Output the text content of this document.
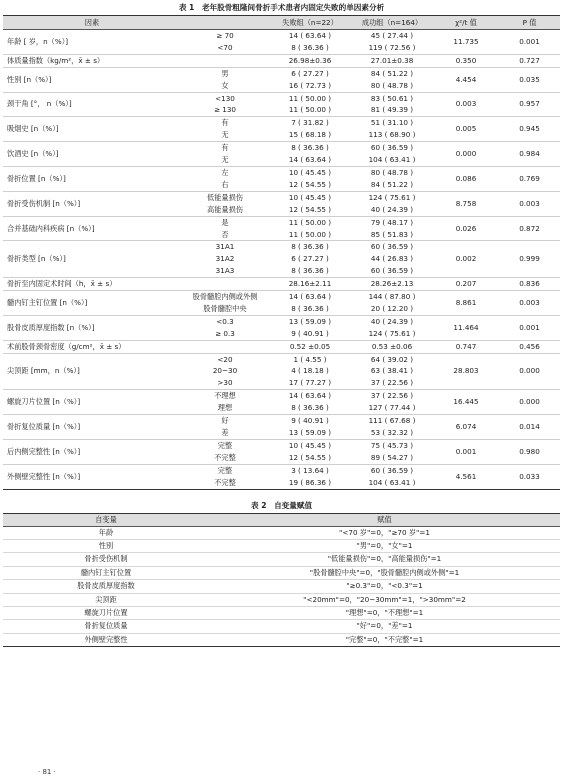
表 1　老年股骨粗隆间骨折手术患者内固定失败的单因素分析
因素		失败组（n=22）	成功组（n=164）	χ²/t 值	P 值
年龄 [ 岁，n（%）]	≥ 70	14 ( 63.64 )	45 ( 27.44 )	11.735	0.001
	<70	8 ( 36.36 )	119 ( 72.56 )		
体质量指数（kg/m²，x̄ ± s）		26.98±0.36	27.01±0.38	0.350	0.727
性别 [n（%）]	男	6 ( 27.27 )	84 ( 51.22 )	4.454	0.035
	女	16 ( 72.73 )	80 ( 48.78 )		
颈干角 [°， n（%）]	<130	11 ( 50.00 )	83 ( 50.61 )	0.003	0.957
	≥ 130	11 ( 50.00 )	81 ( 49.39 )		
吸烟史 [n（%）]	有	7 ( 31.82 )	51 ( 31.10 )	0.005	0.945
	无	15 ( 68.18 )	113 ( 68.90 )		
饮酒史 [n（%）]	有	8 ( 36.36 )	60 ( 36.59 )	0.000	0.984
	无	14 ( 63.64 )	104 ( 63.41 )		
骨折位置 [n（%）]	左	10 ( 45.45 )	80 ( 48.78 )	0.086	0.769
	右	12 ( 54.55 )	84 ( 51.22 )		
骨折受伤机制 [n（%）]	低能量损伤	10 ( 45.45 )	124 ( 75.61 )	8.758	0.003
	高能量损伤	12 ( 54.55 )	40 ( 24.39 )		
合并基础内科疾病 [n（%）]	是	11 ( 50.00 )	79 ( 48.17 )	0.026	0.872
	否	11 ( 50.00 )	85 ( 51.83 )		
骨折类型 [n（%）]	31A1	8 ( 36.36 )	60 ( 36.59 )	0.002	0.999
	31A2	6 ( 27.27 )	44 ( 26.83 )		
	31A3	8 ( 36.36 )	60 ( 36.59 )		
骨折至内固定术时间（h，x̄ ± s）		28.16±2.11	28.26±2.13	0.207	0.836
髓内钉主钉位置 [n（%）]	股骨髓腔内侧或外侧	14 ( 63.64 )	144 ( 87.80 )	8.861	0.003
	股骨髓腔中央	8 ( 36.36 )	20 ( 12.20 )		
股骨皮质厚度指数 [n（%）]	<0.3	13 ( 59.09 )	40 ( 24.39 )	11.464	0.001
	≥ 0.3	9 ( 40.91 )	124 ( 75.61 )		
术前股骨颈骨密度（g/cm²，x̄ ± s）		0.52 ±0.05	0.53 ±0.06	0.747	0.456
尖顶距 [mm，n（%）]	<20	1 ( 4.55 )	64 ( 39.02 )	28.803	0.000
	20~30	4 ( 18.18 )	63 ( 38.41 )		
	>30	17 ( 77.27 )	37 ( 22.56 )		
螺旋刀片位置 [n（%）]	不理想	14 ( 63.64 )	37 ( 22.56 )	16.445	0.000
	理想	8 ( 36.36 )	127 ( 77.44 )		
骨折复位质量 [n（%）]	好	9 ( 40.91 )	111 ( 67.68 )	6.074	0.014
	差	13 ( 59.09 )	53 ( 32.32 )		
后内侧完整性 [n（%）]	完整	10 ( 45.45 )	75 ( 45.73 )	0.001	0.980
	不完整	12 ( 54.55 )	89 ( 54.27 )		
外侧壁完整性 [n（%）]	完整	3 ( 13.64 )	60 ( 36.59 )	4.561	0.033
	不完整	19 ( 86.36 )	104 ( 63.41 )		
表 2　自变量赋值
自变量	赋值
年龄	"<70 岁"=0，"≥70 岁"=1
性别	"男"=0，"女"=1
骨折受伤机制	"低能量损伤"=0，"高能量损伤"=1
髓内钉主钉位置	"股骨髓腔中央"=0，"股骨髓腔内侧或外侧"=1
股骨皮质厚度指数	"≥0.3"=0，"<0.3"=1
尖顶距	"<20mm"=0，"20~30mm"=1，">30mm"=2
螺旋刀片位置	"理想"=0，"不理想"=1
骨折复位质量	"好"=0，"差"=1
外侧壁完整性	"完整"=0，"不完整"=1
· 81 ·
